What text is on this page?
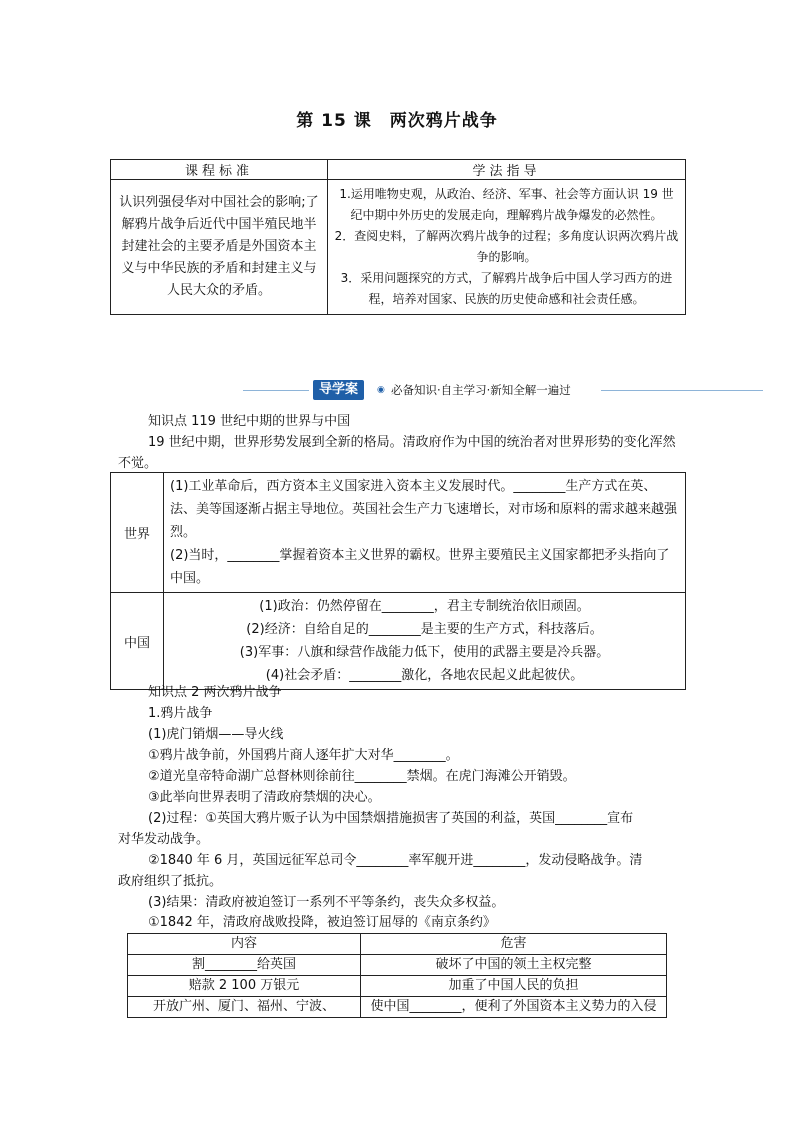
第 15 课　两次鸦片战争
课程标准	学法指导
认识列强侵华对中国社会的影响;了解鸦片战争后近代中国半殖民地半封建社会的主要矛盾是外国资本主义与中华民族的矛盾和封建主义与人民大众的矛盾。	1.运用唯物史观，从政治、经济、军事、社会等方面认识 19 世纪中期中外历史的发展走向，理解鸦片战争爆发的必然性。
2．查阅史料，了解两次鸦片战争的过程；多角度认识两次鸦片战争的影响。
3．采用问题探究的方式，了解鸦片战争后中国人学习西方的进程，培养对国家、民族的历史使命感和社会责任感。
导学案	◉ 必备知识·自主学习·新知全解一遍过
知识点 119 世纪中期的世界与中国
19 世纪中期，世界形势发展到全新的格局。清政府作为中国的统治者对世界形势的变化浑然不觉。
世界	(1)工业革命后，西方资本主义国家进入资本主义发展时代。________生产方式在英、法、美等国逐渐占据主导地位。英国社会生产力飞速增长，对市场和原料的需求越来越强烈。
(2)当时，________掌握着资本主义世界的霸权。世界主要殖民主义国家都把矛头指向了中国。

中国	(1)政治：仍然停留在________，君主专制统治依旧顽固。
(2)经济：自给自足的________是主要的生产方式，科技落后。
(3)军事：八旗和绿营作战能力低下，使用的武器主要是冷兵器。
(4)社会矛盾：________激化，各地农民起义此起彼伏。
知识点 2 两次鸦片战争
1.鸦片战争
(1)虎门销烟——导火线
①鸦片战争前，外国鸦片商人逐年扩大对华________。
②道光皇帝特命湖广总督林则徐前往________禁烟。在虎门海滩公开销毁。
③此举向世界表明了清政府禁烟的决心。
(2)过程：①英国大鸦片贩子认为中国禁烟措施损害了英国的利益，英国________宣布
对华发动战争。
②1840 年 6 月，英国远征军总司令________率军舰开进________，发动侵略战争。清
政府组织了抵抗。
(3)结果：清政府被迫签订一系列不平等条约，丧失众多权益。
①1842 年，清政府战败投降，被迫签订屈辱的《南京条约》
内容	危害
割________给英国	破坏了中国的领土主权完整
赔款 2 100 万银元	加重了中国人民的负担
开放广州、厦门、福州、宁波、	使中国________，便利了外国资本主义势力的入侵
